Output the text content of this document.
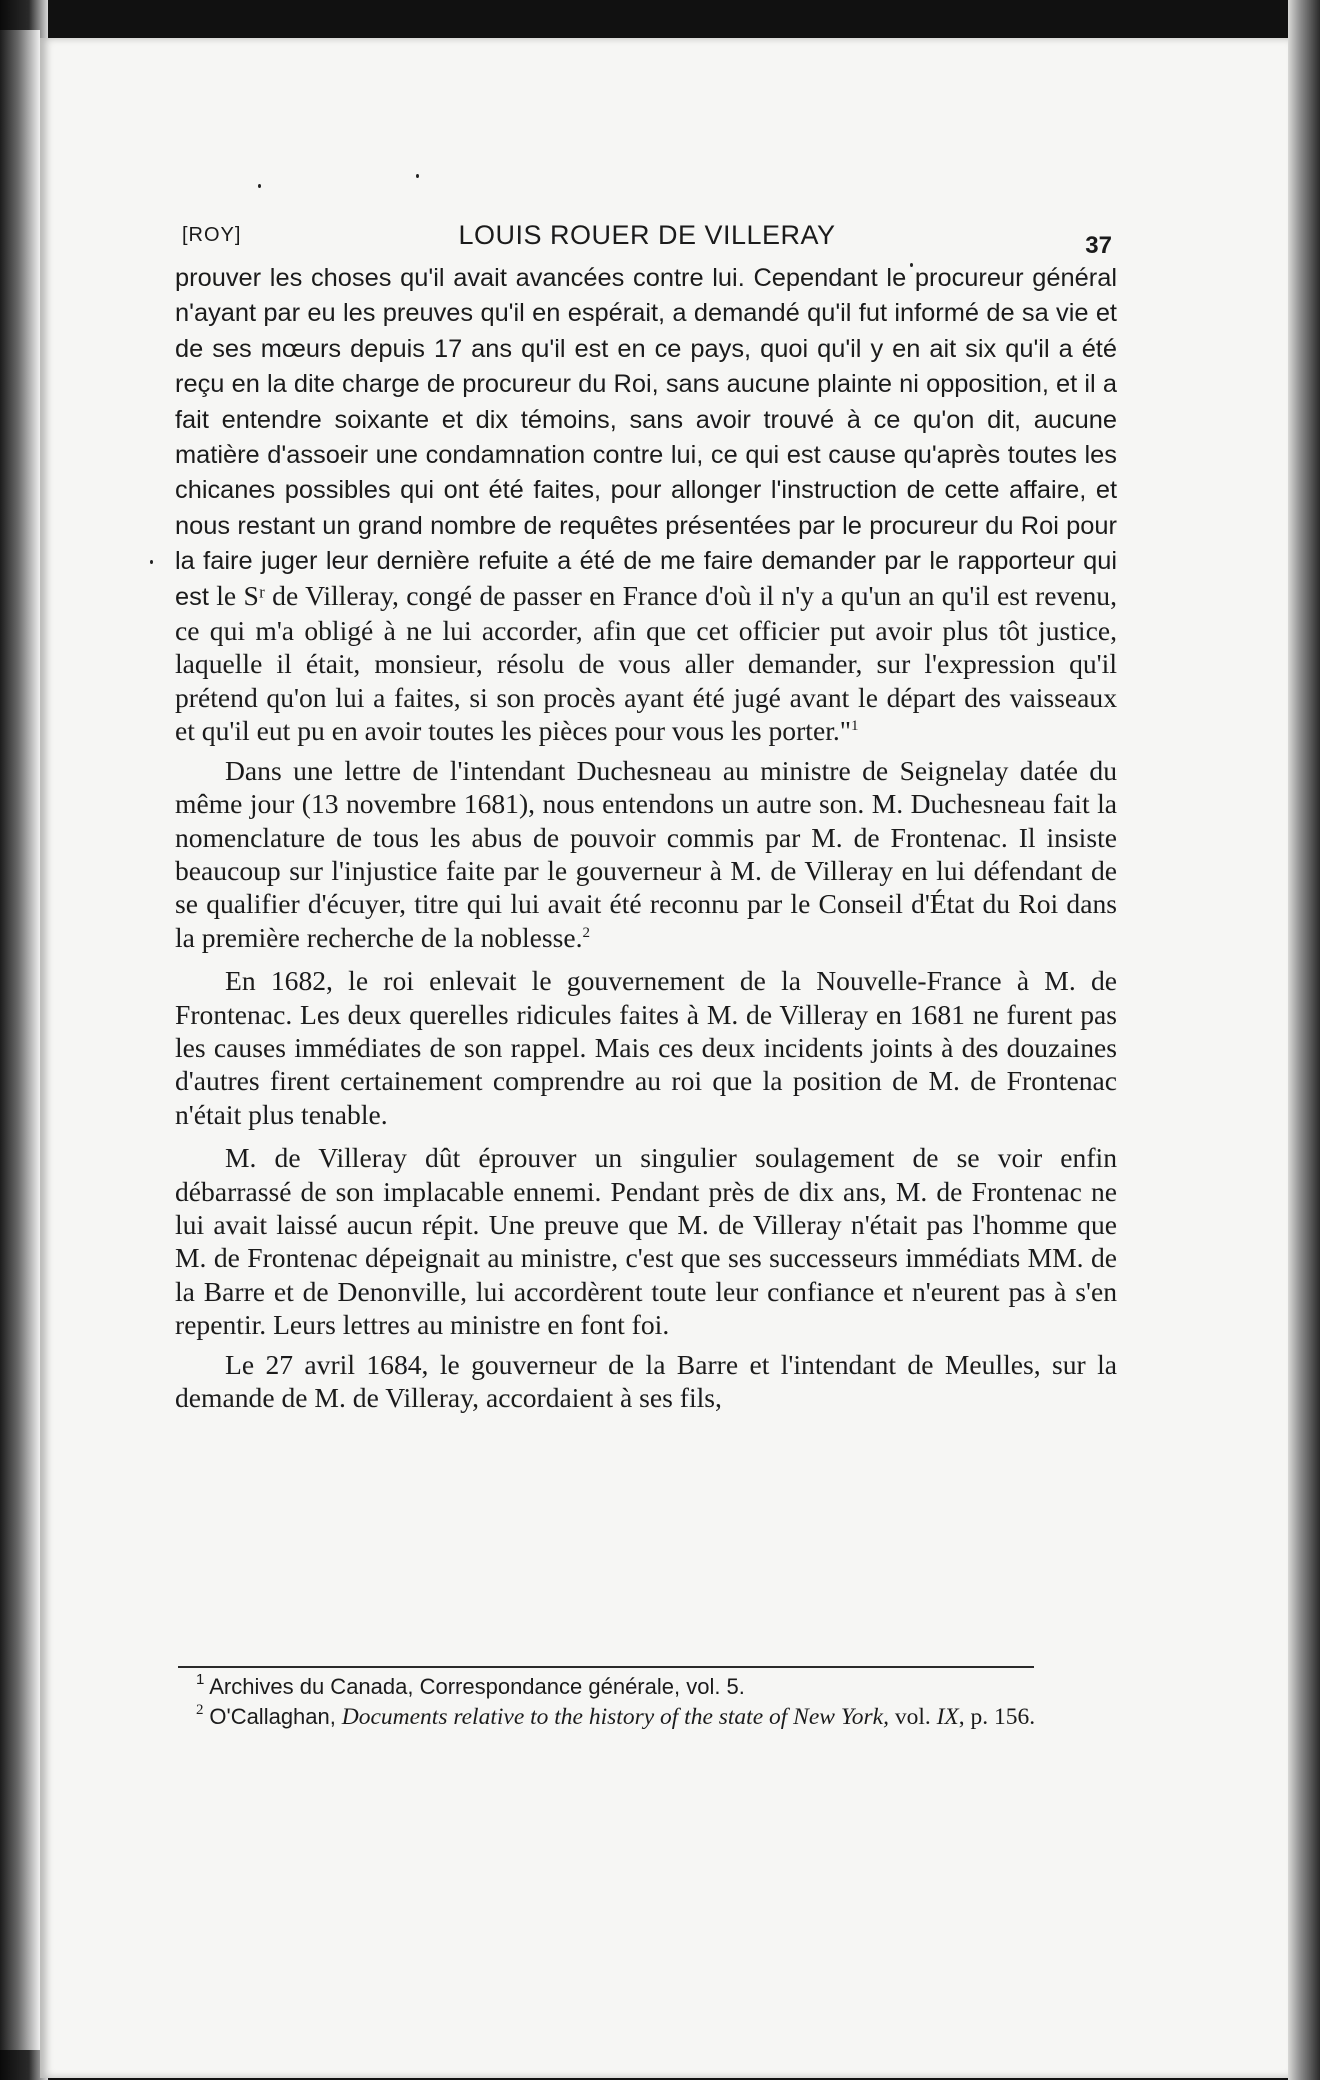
[ROY]	LOUIS ROUER DE VILLERAY	37

prouver les choses qu'il avait avancées contre lui. Cependant le procureur général n'ayant par eu les preuves qu'il en espérait, a demandé qu'il fut informé de sa vie et de ses mœurs depuis 17 ans qu'il est en ce pays, quoi qu'il y en ait six qu'il a été reçu en la dite charge de procureur du Roi, sans aucune plainte ni opposition, et il a fait entendre soixante et dix témoins, sans avoir trouvé à ce qu'on dit, aucune matière d'assoeir une condamnation contre lui, ce qui est cause qu'après toutes les chicanes possibles qui ont été faites, pour allonger l'instruction de cette affaire, et nous restant un grand nombre de requêtes présentées par le procureur du Roi pour la faire juger leur dernière refuite a été de me faire demander par le rapporteur qui est le Sʳ de Villeray, congé de passer en France d'où il n'y a qu'un an qu'il est revenu, ce qui m'a obligé à ne lui accorder, afin que cet officier put avoir plus tôt justice, laquelle il était, monsieur, résolu de vous aller demander, sur l'expression qu'il prétend qu'on lui a faites, si son procès ayant été jugé avant le départ des vaisseaux et qu'il eut pu en avoir toutes les pièces pour vous les porter."$^1$

Dans une lettre de l'intendant Duchesneau au ministre de Seignelay datée du même jour (13 novembre 1681), nous entendons un autre son. M. Duchesneau fait la nomenclature de tous les abus de pouvoir commis par M. de Frontenac. Il insiste beaucoup sur l'injustice faite par le gouverneur à M. de Villeray en lui défendant de se qualifier d'écuyer, titre qui lui avait été reconnu par le Conseil d'État du Roi dans la première recherche de la noblesse.$^2$

En 1682, le roi enlevait le gouvernement de la Nouvelle-France à M. de Frontenac. Les deux querelles ridicules faites à M. de Villeray en 1681 ne furent pas les causes immédiates de son rappel. Mais ces deux incidents joints à des douzaines d'autres firent certainement comprendre au roi que la position de M. de Frontenac n'était plus tenable.

M. de Villeray dût éprouver un singulier soulagement de se voir enfin débarrassé de son implacable ennemi. Pendant près de dix ans, M. de Frontenac ne lui avait laissé aucun répit. Une preuve que M. de Villeray n'était pas l'homme que M. de Frontenac dépeignait au ministre, c'est que ses successeurs immédiats MM. de la Barre et de Denonville, lui accordèrent toute leur confiance et n'eurent pas à s'en repentir. Leurs lettres au ministre en font foi.

Le 27 avril 1684, le gouverneur de la Barre et l'intendant de Meulles, sur la demande de M. de Villeray, accordaient à ses fils,

$^1$ Archives du Canada, Correspondance générale, vol. 5.

$^2$ O'Callaghan, Documents relative to the history of the state of New York, vol. IX, p. 156.
